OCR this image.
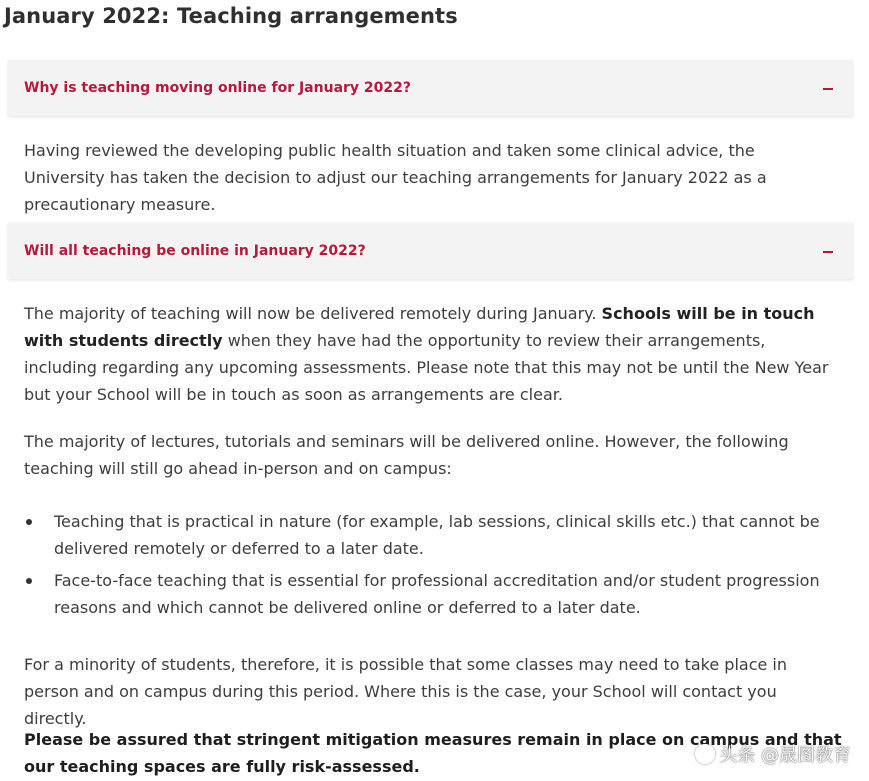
January 2022: Teaching arrangements
Why is teaching moving online for January 2022?

Having reviewed the developing public health situation and taken some clinical advice, the University has taken the decision to adjust our teaching arrangements for January 2022 as a precautionary measure.

Will all teaching be online in January 2022?

The majority of teaching will now be delivered remotely during January. Schools will be in touch with students directly when they have had the opportunity to review their arrangements, including regarding any upcoming assessments. Please note that this may not be until the New Year but your School will be in touch as soon as arrangements are clear.

The majority of lectures, tutorials and seminars will be delivered online. However, the following teaching will still go ahead in-person and on campus:

Teaching that is practical in nature (for example, lab sessions, clinical skills etc.) that cannot be delivered remotely or deferred to a later date.
Face-to-face teaching that is essential for professional accreditation and/or student progression reasons and which cannot be delivered online or deferred to a later date.

For a minority of students, therefore, it is possible that some classes may need to take place in person and on campus during this period. Where this is the case, your School will contact you directly.

Please be assured that stringent mitigation measures remain in place on campus and that our teaching spaces are fully risk-assessed.

头条 @晟图教育
